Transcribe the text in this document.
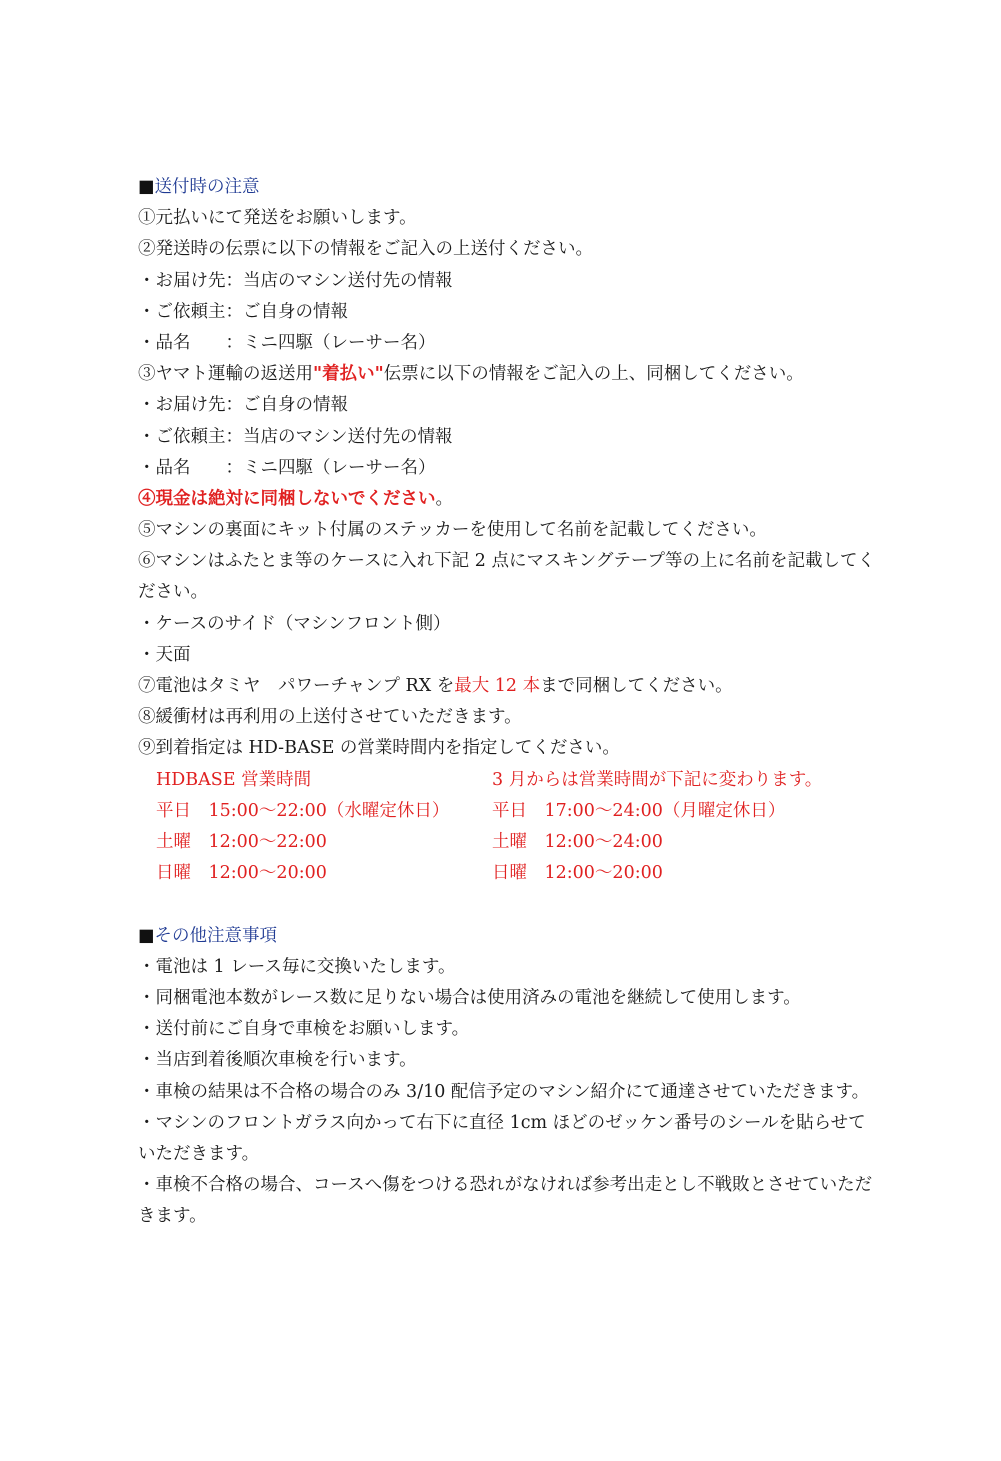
■送付時の注意
①元払いにて発送をお願いします。
②発送時の伝票に以下の情報をご記入の上送付ください。
・お届け先：当店のマシン送付先の情報
・ご依頼主：ご自身の情報
・品名　　：ミニ四駆（レーサー名）
③ヤマト運輸の返送用"着払い"伝票に以下の情報をご記入の上、同梱してください。
・お届け先：ご自身の情報
・ご依頼主：当店のマシン送付先の情報
・品名　　：ミニ四駆（レーサー名）
④現金は絶対に同梱しないでください。
⑤マシンの裏面にキット付属のステッカーを使用して名前を記載してください。
⑥マシンはふたとま等のケースに入れ下記 2 点にマスキングテープ等の上に名前を記載してください。
・ケースのサイド（マシンフロント側）
・天面
⑦電池はタミヤ　パワーチャンプ RX を最大 12 本まで同梱してください。
⑧緩衝材は再利用の上送付させていただきます。
⑨到着指定は HD-BASE の営業時間内を指定してください。
HDBASE 営業時間
平日　15:00〜22:00（水曜定休日）
土曜　12:00〜22:00
日曜　12:00〜20:00
3 月からは営業時間が下記に変わります。
平日　17:00〜24:00（月曜定休日）
土曜　12:00〜24:00
日曜　12:00〜20:00
■その他注意事項
・電池は 1 レース毎に交換いたします。
・同梱電池本数がレース数に足りない場合は使用済みの電池を継続して使用します。
・送付前にご自身で車検をお願いします。
・当店到着後順次車検を行います。
・車検の結果は不合格の場合のみ 3/10 配信予定のマシン紹介にて通達させていただきます。
・マシンのフロントガラス向かって右下に直径 1cm ほどのゼッケン番号のシールを貼らせていただきます。
・車検不合格の場合、コースへ傷をつける恐れがなければ参考出走とし不戦敗とさせていただきます。
